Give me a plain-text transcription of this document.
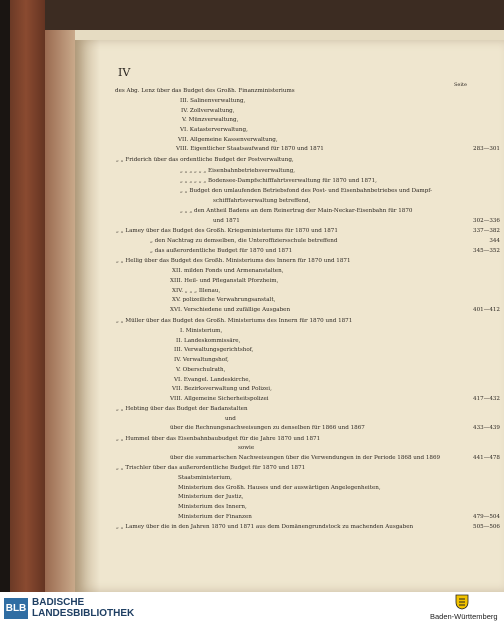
IV
Seite
des Abg. Lenz über das Budget des Großh. Finanzministeriums
III. Salinenverwaltung,
IV. Zollverwaltung,
V. Münzverwaltung,
VI. Katasterverwaltung,
VII. Allgemeine Kassenverwaltung,
VIII. Eigentlicher Staatsaufwand für 1870 und 1871	283—301
„ „ Friderich über das ordentliche Budget der Postverwaltung,
„ „ „ „ „ „ Eisenbahnbetriebsverwaltung,
„ „ „ „ „ „ Bodensee-Dampfschifffahrtsverwaltung für 1870 und 1871,
„ „ Budget den umlaufenden Betriebsfond des Post- und Eisenbahnbetriebes und Dampf-
schifffahrtsverwaltung betreffend,
„ „ „ den Antheil Badens an dem Reinertrag der Main-Neckar-Eisenbahn für 1870
und 1871	302—336
„ „ Lamey über das Budget des Großh. Kriegsministeriums für 1870 und 1871	337—382
„ den Nachtrag zu demselben, die Unteroffiziersschule betreffend	344
„ das außerordentliche Budget für 1870 und 1871	345—352
„ „ Hellig über das Budget des Großh. Ministeriums des Innern für 1870 und 1871
XII. milden Fonds und Armenanstalten,
XIII. Heil- und Pfleganstalt Pforzheim,
XIV. „ „ „ Illenau,
XV. polizeiliche Verwahrungsanstalt,
XVI. Verschiedene und zufällige Ausgaben	401—412
„ „ Müller über das Budget des Großh. Ministeriums des Innern für 1870 und 1871
I. Ministerium,
II. Landeskommissäre,
III. Verwaltungsgerichtshof,
IV. Verwaltungshof,
V. Oberschulrath,
VI. Evangel. Landeskirche,
VII. Bezirksverwaltung und Polizei,
VIII. Allgemeine Sicherheitspolizei	417—432
„ „ Hebting über das Budget der Badanstalten
und
über die Rechnungsnachweisungen zu denselben für 1866 und 1867	433—439
„ „ Hummel über das Eisenbahnbaubudget für die Jahre 1870 und 1871
sowie
über die summarischen Nachweisungen über die Verwendungen in der Periode 1868 und 1869	441—478
„ „ Trischler über das außerordentliche Budget für 1870 und 1871
Staatsministerium,
Ministerium des Großh. Hauses und der auswärtigen Angelegenheiten,
Ministerium der Justiz,
Ministerium des Innern,
Ministerium der Finanzen	479—504
„ „ Lamey über die in den Jahren 1870 und 1871 aus dem Domänengrundstock zu machenden Ausgaben	505—506
BLB
BADISCHE
LANDESBIBLIOTHEK	Baden-Württemberg
